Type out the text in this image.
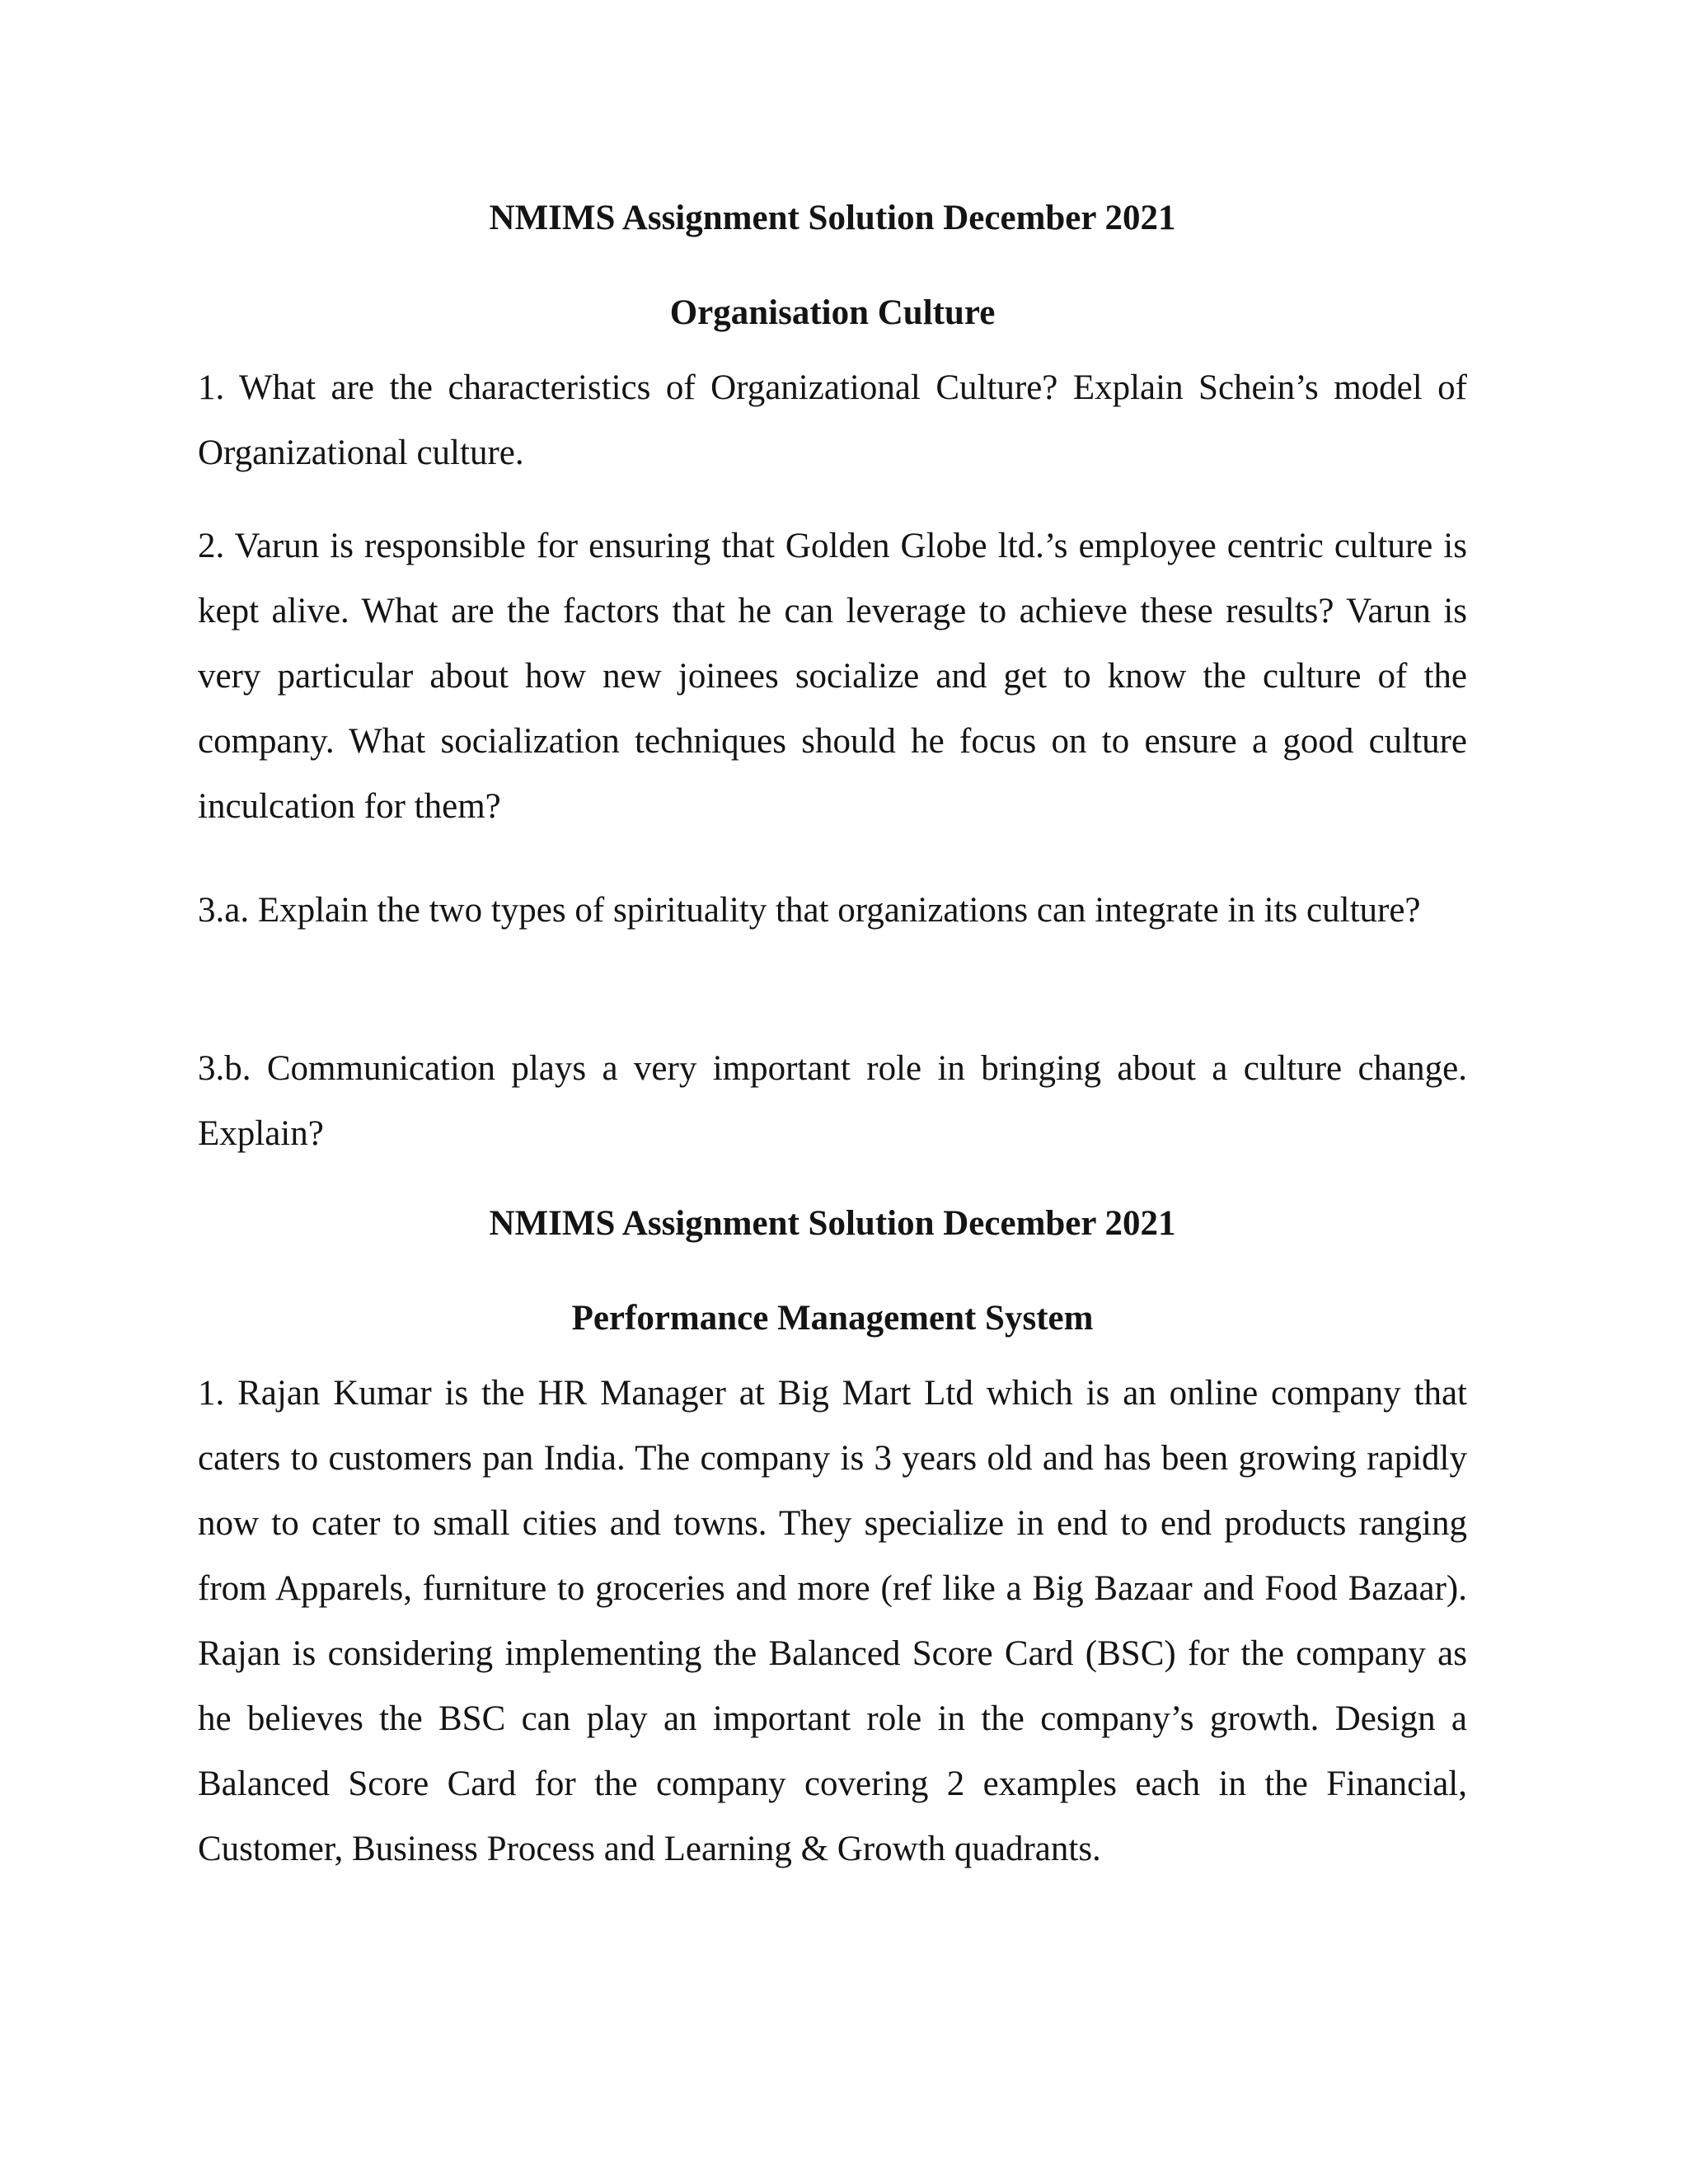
NMIMS Assignment Solution December 2021
Organisation Culture

1. What are the characteristics of Organizational Culture? Explain Schein’s model of Organizational culture.

2. Varun is responsible for ensuring that Golden Globe ltd.’s employee centric culture is kept alive. What are the factors that he can leverage to achieve these results? Varun is very particular about how new joinees socialize and get to know the culture of the company. What socialization techniques should he focus on to ensure a good culture inculcation for them?

3.a. Explain the two types of spirituality that organizations can integrate in its culture?

3.b. Communication plays a very important role in bringing about a culture change. Explain?

NMIMS Assignment Solution December 2021
Performance Management System

1. Rajan Kumar is the HR Manager at Big Mart Ltd which is an online company that caters to customers pan India. The company is 3 years old and has been growing rapidly now to cater to small cities and towns. They specialize in end to end products ranging from Apparels, furniture to groceries and more (ref like a Big Bazaar and Food Bazaar). Rajan is considering implementing the Balanced Score Card (BSC) for the company as he believes the BSC can play an important role in the company’s growth. Design a Balanced Score Card for the company covering 2 examples each in the Financial, Customer, Business Process and Learning & Growth quadrants.
